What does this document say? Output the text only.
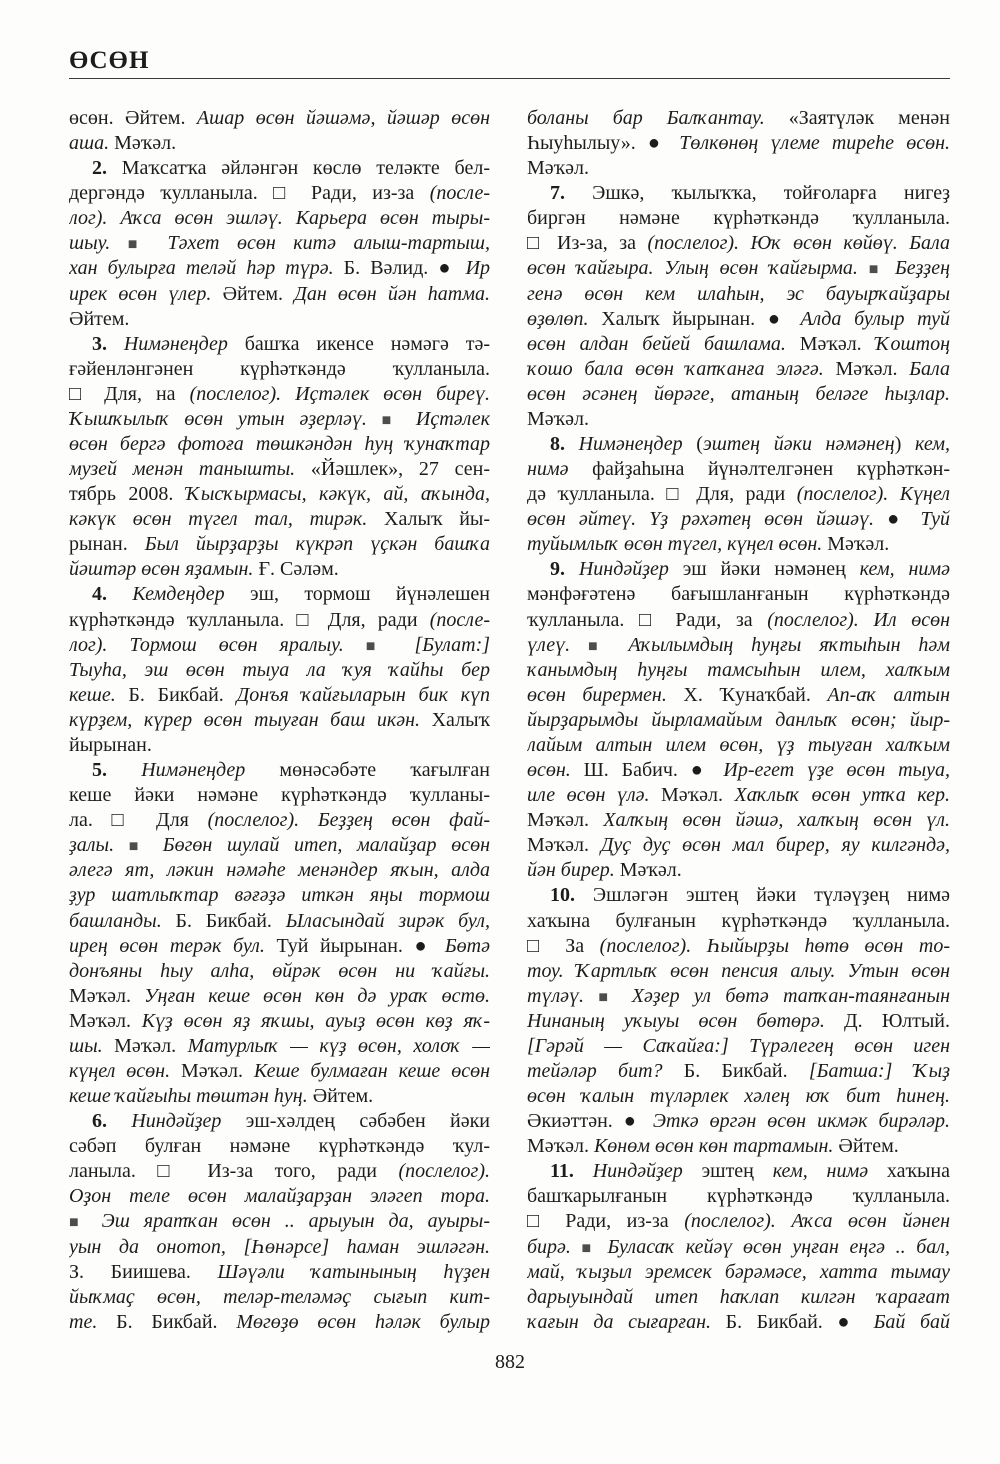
ӨСӨН
өсөн. Әйтем. Ашар өсөн йәшәмә, йәшәр өсөн
аша. Мәҡәл.
2. Маҡсатҡа әйләнгән көслө теләкте бел-
дергәндә ҡулланыла. □ Ради, из-за (после-
лог). Аҡса өсөн эшләү. Карьера өсөн тыры-
шыу. ■ Тәхет өсөн китә алыш-тартыш,
хан булырға теләй һәр түрә. Б. Вәлид. ● Ир
ирек өсөн үлер. Әйтем. Дан өсөн йән һатма.
Әйтем.
3. Нимәнеңдер башҡа икенсе нәмәгә тә-
ғәйенләнгәнен күрһәткәндә ҡулланыла.
□ Для, на (послелог). Иҫтәлек өсөн биреү.
Ҡышҡылыҡ өсөн утын әҙерләү. ■ Иҫтәлек
өсөн бергә фотоға төшкәндән һуң ҡунаҡтар
музей менән танышты. «Йәшлек», 27 сен-
тябрь 2008. Ҡысҡырмасы, кәкүк, ай, аҡында,
кәкүк өсөн түгел тал, тирәк. Халыҡ йы-
рынан. Был йырҙарҙы күкрәп үҫкән башҡа
йәштәр өсөн яҙамын. Ғ. Сәләм.
4. Кемдеңдер эш, тормош йүнәлешен
күрһәткәндә ҡулланыла. □ Для, ради (после-
лог). Тормош өсөн яралыу. ■ [Булат:]
Тыуһа, эш өсөн тыуа ла ҡуя ҡайһы бер
кеше. Б. Бикбай. Донъя ҡайғыларын бик күп
күрҙем, күрер өсөн тыуған баш икән. Халыҡ
йырынан.
5. Нимәнеңдер мөнәсәбәте ҡағылған
кеше йәки нәмәне күрһәткәндә ҡулланы-
ла. □ Для (послелог). Беҙҙең өсөн фай-
ҙалы. ■ Бөгөн шулай итеп, малайҙар өсөн
әлегә ят, ләкин нәмәһе менәндер яҡын, алда
ҙур шатлыҡтар вәғәҙә иткән яңы тормош
башланды. Б. Бикбай. Ыласындай зирәк бул,
ирең өсөн терәк бул. Туй йырынан. ● Бөтә
донъяны һыу алһа, өйрәк өсөн ни ҡайғы.
Мәҡәл. Уңған кеше өсөн көн дә ураҡ өстө.
Мәҡәл. Күҙ өсөн яҙ яҡшы, ауыҙ өсөн көҙ яҡ-
шы. Мәҡәл. Матурлыҡ — күҙ өсөн, холоҡ —
күңел өсөн. Мәҡәл. Кеше булмаған кеше өсөн
кеше ҡайғыһы төштән һуң. Әйтем.
6. Ниндәйҙер эш-хәлдең сәбәбен йәки
сәбәп булған нәмәне күрһәткәндә ҡул-
ланыла. □ Из-за того, ради (послелог).
Оҙон теле өсөн малайҙарҙан эләгеп тора.
■ Эш яратҡан өсөн .. арыуын да, ауыры-
уын да онотоп, [Һөнәрсе] һаман эшләгән.
З. Биишева. Шәүәли ҡатынының һүҙен
йыҡмаҫ өсөн, теләр-теләмәҫ сығып кит-
те. Б. Бикбай. Мөгөҙө өсөн һәләк булыр
боланы бар Балҡантау. «Заятүләк менән
Һыуһылыу». ● Төлкөнөң үлеме тиреһе өсөн.
Мәҡәл.
7. Эшкә, ҡылыҡҡа, тойғоларға нигеҙ
биргән нәмәне күрһәткәндә ҡулланыла.
□ Из-за, за (послелог). Юҡ өсөн көйөү. Бала
өсөн ҡайғыра. Улың өсөн ҡайғырма. ■ Беҙҙең
генә өсөн кем илаһын, эс бауырҡайҙары
өҙөлөп. Халыҡ йырынан. ● Алда булыр туй
өсөн алдан бейей башлама. Мәҡәл. Ҡоштоң
ҡошо бала өсөн ҡапҡанға эләгә. Мәҡәл. Бала
өсөн әсәнең йөрәге, атаның беләге һыҙлар.
Мәҡәл.
8. Нимәнеңдер (эштең йәки нәмәнең) кем,
нимә файҙаһына йүнәлтелгәнен күрһәткән-
дә ҡулланыла. □ Для, ради (послелог). Күңел
өсөн әйтеү. Үҙ рәхәтең өсөн йәшәү. ● Туй
туйымлыҡ өсөн түгел, күңел өсөн. Мәҡәл.
9. Ниндәйҙер эш йәки нәмәнең кем, нимә
мәнфәғәтенә бағышланғанын күрһәткәндә
ҡулланыла. □ Ради, за (послелог). Ил өсөн
үлеү. ■ Аҡылымдың һуңғы яҡтыһын һәм
ҡанымдың һуңғы тамсыһын илем, халҡым
өсөн бирермен. Х. Ҡунаҡбай. Ап-аҡ алтын
йырҙарымды йырламайым данлыҡ өсөн; йыр-
лайым алтын илем өсөн, үҙ тыуған халҡым
өсөн. Ш. Бабич. ● Ир-егет үҙе өсөн тыуа,
иле өсөн үлә. Мәҡәл. Хаҡлыҡ өсөн утҡа кер.
Мәҡәл. Халҡың өсөн йәшә, халҡың өсөн үл.
Мәҡәл. Дуҫ дуҫ өсөн мал бирер, яу килгәндә,
йән бирер. Мәҡәл.
10. Эшләгән эштең йәки түләүҙең нимә
хаҡына булғанын күрһәткәндә ҡулланыла.
□ За (послелог). Һыйырҙы һөтө өсөн то-
тоу. Ҡартлыҡ өсөн пенсия алыу. Утын өсөн
түләү. ■ Хәҙер ул бөтә тапҡан-таянғанын
Нинаның уҡыуы өсөн бөтөрә. Д. Юлтый.
[Гәрәй — Саҡайға:] Түрәлегең өсөн иген
тейәләр бит? Б. Бикбай. [Батша:] Ҡыҙ
өсөн ҡалын түләрлек хәлең юҡ бит һинең.
Әкиәттән. ● Эткә өргән өсөн икмәк бирәләр.
Мәҡәл. Көнөм өсөн көн тартамын. Әйтем.
11. Ниндәйҙер эштең кем, нимә хаҡына
башҡарылғанын күрһәткәндә ҡулланыла.
□ Ради, из-за (послелог). Аҡса өсөн йәнен
бирә. ■ Буласаҡ кейәү өсөн уңған еңгә .. бал,
май, ҡыҙыл эремсек бәрәмәсе, хатта тымау
дарыуындай итеп һаҡлап килгән ҡарағат
ҡағын да сығарған. Б. Бикбай. ● Бай бай
882
